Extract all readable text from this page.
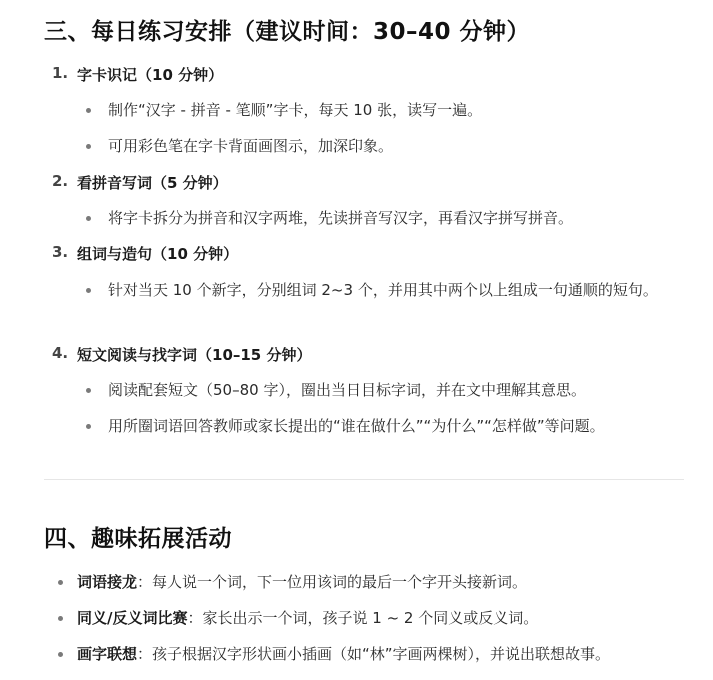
三、每日练习安排（建议时间：30–40 分钟）
1. 字卡识记（10 分钟）
制作“汉字 - 拼音 - 笔顺”字卡，每天 10 张，读写一遍。
可用彩色笔在字卡背面画图示，加深印象。
2. 看拼音写词（5 分钟）
将字卡拆分为拼音和汉字两堆，先读拼音写汉字，再看汉字拼写拼音。
3. 组词与造句（10 分钟）
针对当天 10 个新字，分别组词 2~3 个，并用其中两个以上组成一句通顺的短句。
4. 短文阅读与找字词（10–15 分钟）
阅读配套短文（50–80 字），圈出当日目标字词，并在文中理解其意思。
用所圈词语回答教师或家长提出的“谁在做什么”“为什么”“怎样做”等问题。
四、趣味拓展活动
词语接龙：每人说一个词，下一位用该词的最后一个字开头接新词。
同义/反义词比赛：家长出示一个词，孩子说 1 ~ 2 个同义或反义词。
画字联想：孩子根据汉字形状画小插画（如“林”字画两棵树），并说出联想故事。
